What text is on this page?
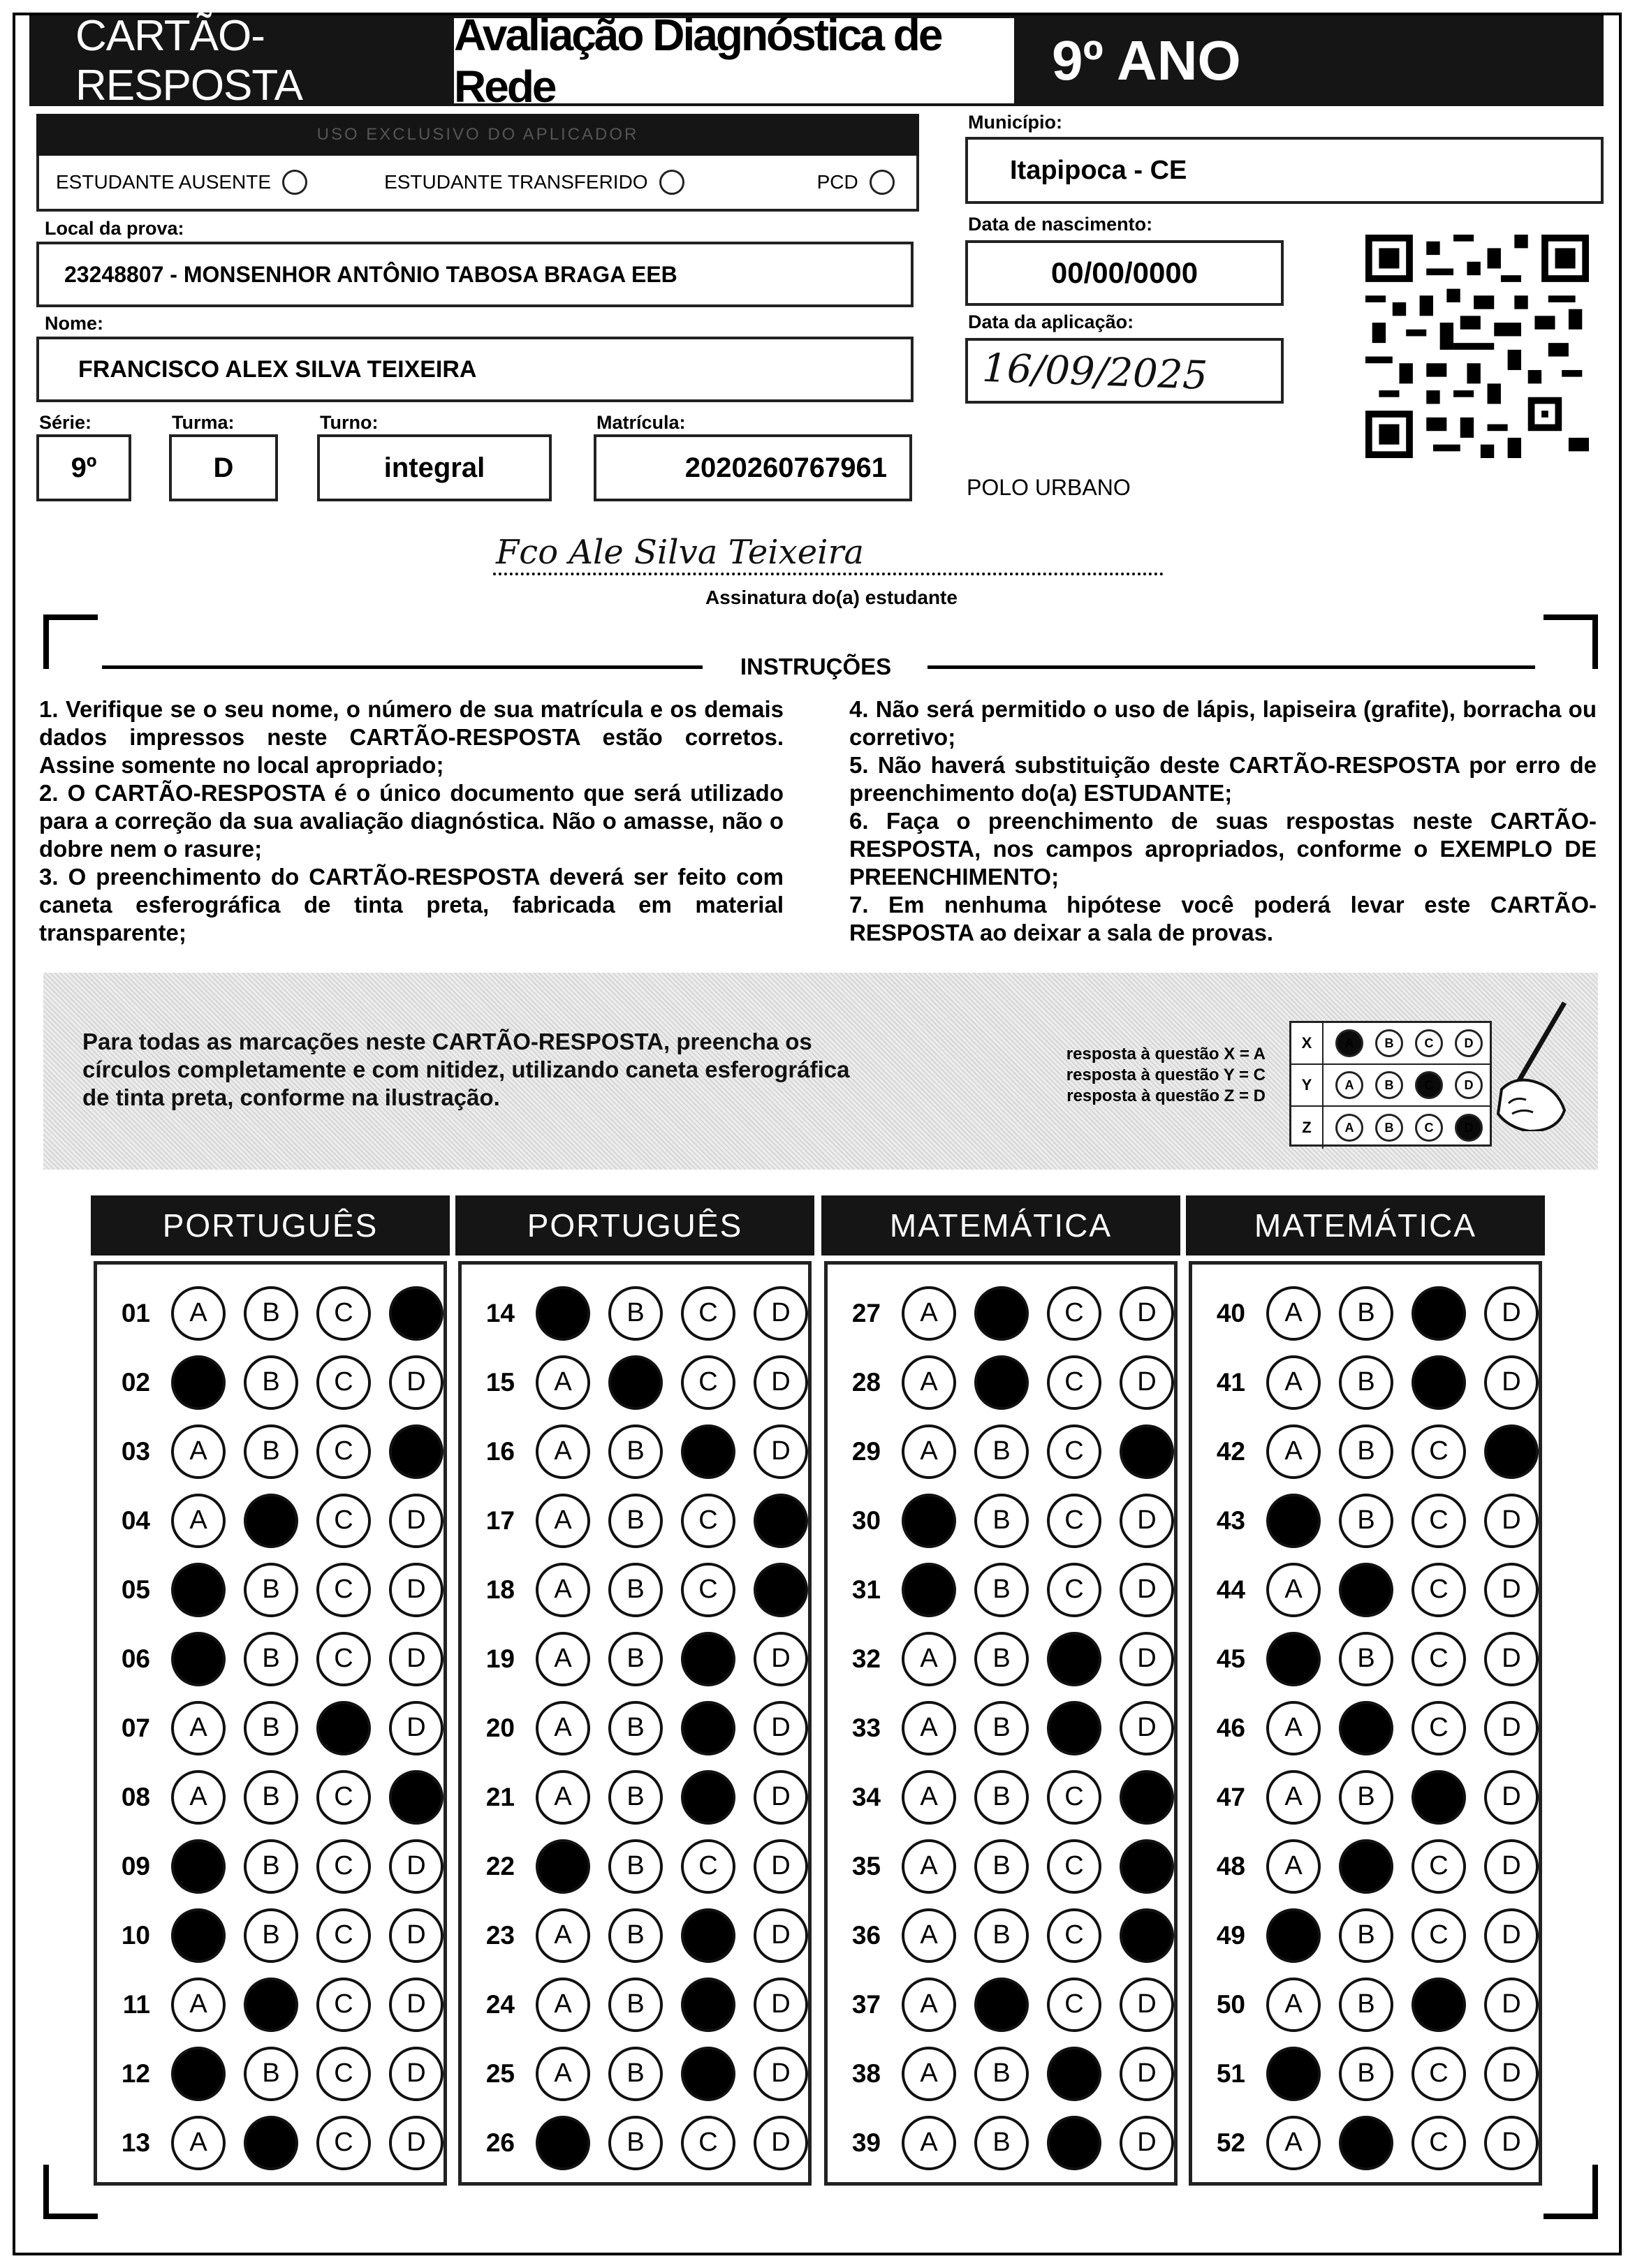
CARTÃO-RESPOSTA
Avaliação Diagnóstica de Rede	9º ANO
USO EXCLUSIVO DO APLICADOR
ESTUDANTE AUSENTE	ESTUDANTE TRANSFERIDO	PCD
Município:
Itapipoca - CE
Local da prova:
23248807 - MONSENHOR ANTÔNIO TABOSA BRAGA EEB
Data de nascimento:
00/00/0000
Nome:
FRANCISCO ALEX SILVA TEIXEIRA
Data da aplicação:
16/09/2025
Série:
9º
Turma:
D
Turno:
integral
Matrícula:
2020260767961
POLO URBANO
Fco Ale Silva Teixeira
Assinatura do(a) estudante
INSTRUÇÕES

1. Verifique se o seu nome, o número de sua matrícula e os demais dados impressos neste CARTÃO-RESPOSTA estão corretos. Assine somente no local apropriado;

2. O CARTÃO-RESPOSTA é o único documento que será utilizado para a correção da sua avaliação diagnóstica. Não o amasse, não o dobre nem o rasure;

3. O preenchimento do CARTÃO-RESPOSTA deverá ser feito com caneta esferográfica de tinta preta, fabricada em material transparente;

4. Não será permitido o uso de lápis, lapiseira (grafite), borracha ou corretivo;

5. Não haverá substituição deste CARTÃO-RESPOSTA por erro de preenchimento do(a) ESTUDANTE;

6. Faça o preenchimento de suas respostas neste CARTÃO-RESPOSTA, nos campos apropriados, conforme o EXEMPLO DE PREENCHIMENTO;

7. Em nenhuma hipótese você poderá levar este CARTÃO-RESPOSTA ao deixar a sala de provas.

Para todas as marcações neste CARTÃO-RESPOSTA, preencha os círculos completamente e com nitidez, utilizando caneta esferográfica de tinta preta, conforme na ilustração.
resposta à questão X = A
resposta à questão Y = C
resposta à questão Z = D
X	A	B	C	D
Y	A	B	C	D
Z	A	B	C	D
PORTUGUÊS
01	A	B	C	D
02	A	B	C	D
03	A	B	C	D
04	A	B	C	D
05	A	B	C	D
06	A	B	C	D
07	A	B	C	D
08	A	B	C	D
09	A	B	C	D
10	A	B	C	D
11	A	B	C	D
12	A	B	C	D
13	A	B	C	D
PORTUGUÊS
14	A	B	C	D
15	A	B	C	D
16	A	B	C	D
17	A	B	C	D
18	A	B	C	D
19	A	B	C	D
20	A	B	C	D
21	A	B	C	D
22	A	B	C	D
23	A	B	C	D
24	A	B	C	D
25	A	B	C	D
26	A	B	C	D
MATEMÁTICA
27	A	B	C	D
28	A	B	C	D
29	A	B	C	D
30	A	B	C	D
31	A	B	C	D
32	A	B	C	D
33	A	B	C	D
34	A	B	C	D
35	A	B	C	D
36	A	B	C	D
37	A	B	C	D
38	A	B	C	D
39	A	B	C	D
MATEMÁTICA
40	A	B	C	D
41	A	B	C	D
42	A	B	C	D
43	A	B	C	D
44	A	B	C	D
45	A	B	C	D
46	A	B	C	D
47	A	B	C	D
48	A	B	C	D
49	A	B	C	D
50	A	B	C	D
51	A	B	C	D
52	A	B	C	D
